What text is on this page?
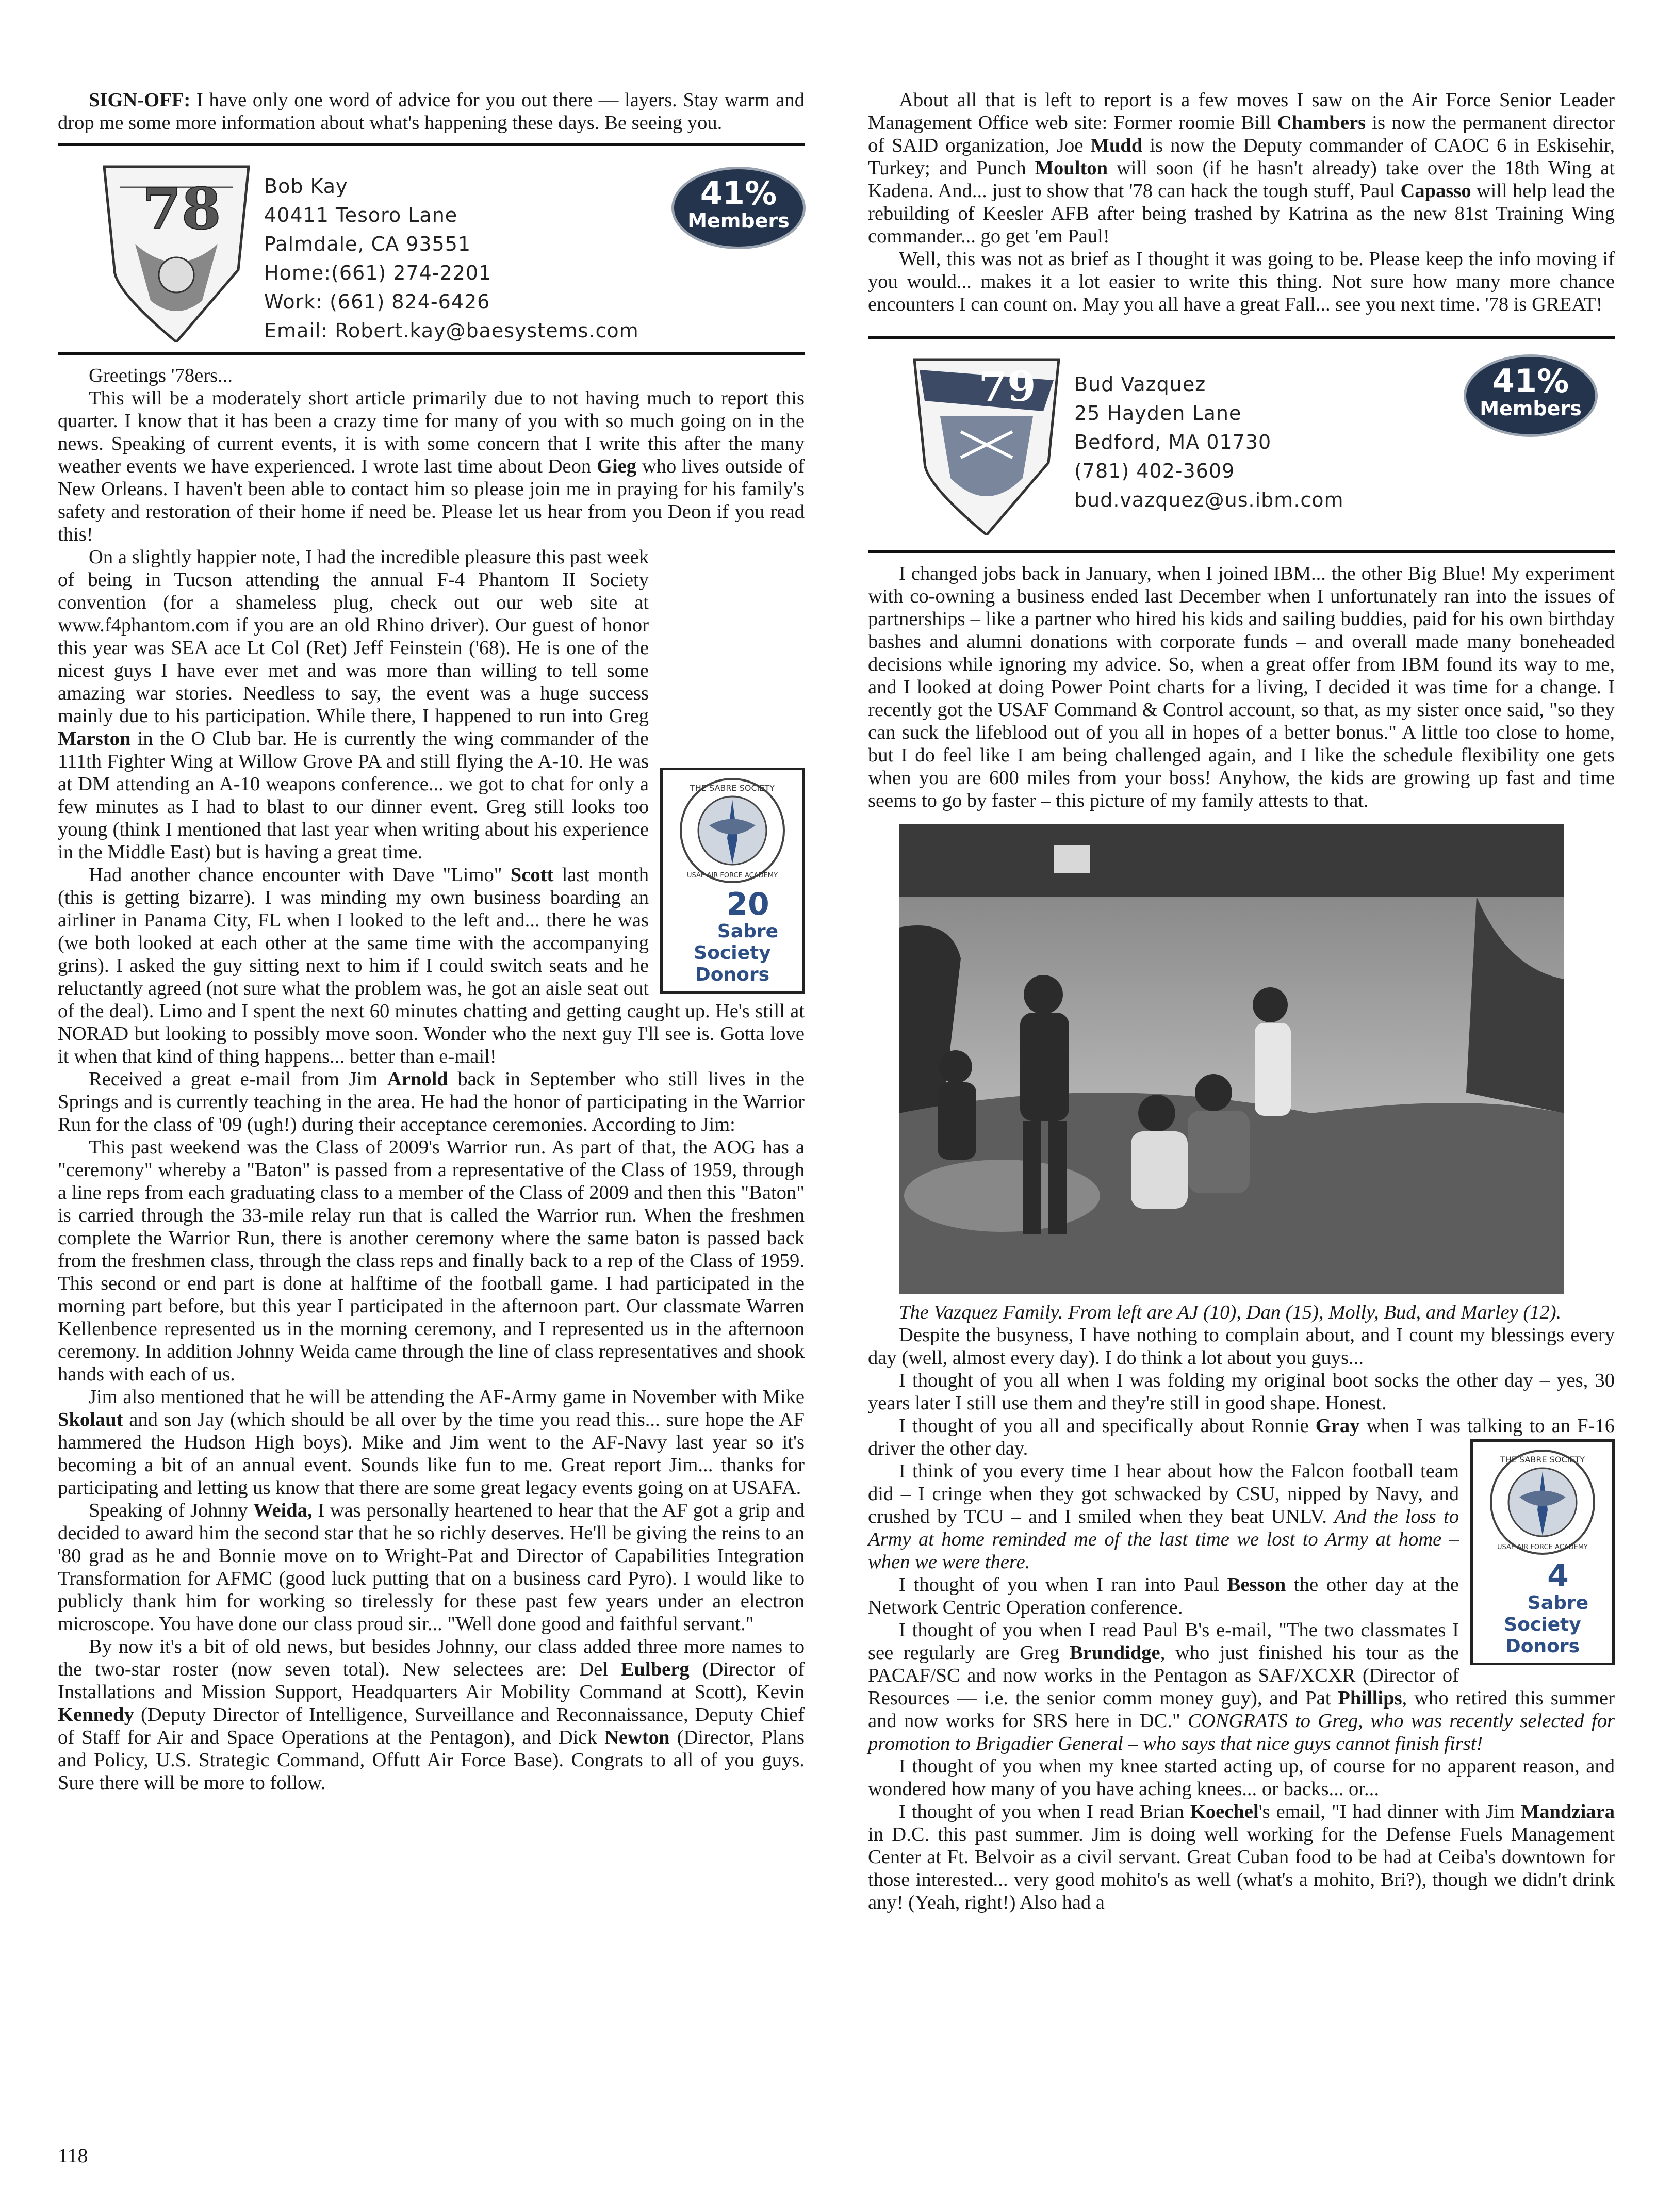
SIGN-OFF: I have only one word of advice for you out there — layers. Stay warm and drop me some more information about what's happening these days. Be seeing you.

78 Bob Kay
40411 Tesoro Lane
Palmdale, CA 93551
Home:(661) 274-2201
Work: (661) 824-6426
Email: Robert.kay@baesystems.com
41%
Members

Greetings '78ers...

This will be a moderately short article primarily due to not having much to report this quarter. I know that it has been a crazy time for many of you with so much going on in the news. Speaking of current events, it is with some concern that I write this after the many weather events we have experienced. I wrote last time about Deon Gieg who lives outside of New Orleans. I haven't been able to contact him so please join me in praying for his family's safety and restoration of their home if need be. Please let us hear from you Deon if you read this!

THE SABRE SOCIETY
USAF AIR FORCE ACADEMY
20
Sabre Society
Donors
On a slightly happier note, I had the incredible pleasure this past week of being in Tucson attending the annual F-4 Phantom II Society convention (for a shameless plug, check out our web site at www.f4phantom.com if you are an old Rhino driver). Our guest of honor this year was SEA ace Lt Col (Ret) Jeff Feinstein ('68). He is one of the nicest guys I have ever met and was more than willing to tell some amazing war stories. Needless to say, the event was a huge success mainly due to his participation. While there, I happened to run into Greg Marston in the O Club bar. He is currently the wing commander of the 111th Fighter Wing at Willow Grove PA and still flying the A-10. He was at DM attending an A-10 weapons conference... we got to chat for only a few minutes as I had to blast to our dinner event. Greg still looks too young (think I mentioned that last year when writing about his experience in the Middle East) but is having a great time.

Had another chance encounter with Dave "Limo" Scott last month (this is getting bizarre). I was minding my own business boarding an airliner in Panama City, FL when I looked to the left and... there he was (we both looked at each other at the same time with the accompanying grins). I asked the guy sitting next to him if I could switch seats and he reluctantly agreed (not sure what the problem was, he got an aisle seat out of the deal). Limo and I spent the next 60 minutes chatting and getting caught up. He's still at NORAD but looking to possibly move soon. Wonder who the next guy I'll see is. Gotta love it when that kind of thing happens... better than e-mail!

Received a great e-mail from Jim Arnold back in September who still lives in the Springs and is currently teaching in the area. He had the honor of participating in the Warrior Run for the class of '09 (ugh!) during their acceptance ceremonies. According to Jim:

This past weekend was the Class of 2009's Warrior run. As part of that, the AOG has a "ceremony" whereby a "Baton" is passed from a representative of the Class of 1959, through a line reps from each graduating class to a member of the Class of 2009 and then this "Baton" is carried through the 33-mile relay run that is called the Warrior run. When the freshmen complete the Warrior Run, there is another ceremony where the same baton is passed back from the freshmen class, through the class reps and finally back to a rep of the Class of 1959. This second or end part is done at halftime of the football game. I had participated in the morning part before, but this year I participated in the afternoon part. Our classmate Warren Kellenbence represented us in the morning ceremony, and I represented us in the afternoon ceremony. In addition Johnny Weida came through the line of class representatives and shook hands with each of us.

Jim also mentioned that he will be attending the AF-Army game in November with Mike Skolaut and son Jay (which should be all over by the time you read this... sure hope the AF hammered the Hudson High boys). Mike and Jim went to the AF-Navy last year so it's becoming a bit of an annual event. Sounds like fun to me. Great report Jim... thanks for participating and letting us know that there are some great legacy events going on at USAFA.

Speaking of Johnny Weida, I was personally heartened to hear that the AF got a grip and decided to award him the second star that he so richly deserves. He'll be giving the reins to an '80 grad as he and Bonnie move on to Wright-Pat and Director of Capabilities Integration Transformation for AFMC (good luck putting that on a business card Pyro). I would like to publicly thank him for working so tirelessly for these past few years under an electron microscope. You have done our class proud sir... "Well done good and faithful servant."

By now it's a bit of old news, but besides Johnny, our class added three more names to the two-star roster (now seven total). New selectees are: Del Eulberg (Director of Installations and Mission Support, Headquarters Air Mobility Command at Scott), Kevin Kennedy (Deputy Director of Intelligence, Surveillance and Reconnaissance, Deputy Chief of Staff for Air and Space Operations at the Pentagon), and Dick Newton (Director, Plans and Policy, U.S. Strategic Command, Offutt Air Force Base). Congrats to all of you guys. Sure there will be more to follow.

About all that is left to report is a few moves I saw on the Air Force Senior Leader Management Office web site: Former roomie Bill Chambers is now the permanent director of SAID organization, Joe Mudd is now the Deputy commander of CAOC 6 in Eskisehir, Turkey; and Punch Moulton will soon (if he hasn't already) take over the 18th Wing at Kadena. And... just to show that '78 can hack the tough stuff, Paul Capasso will help lead the rebuilding of Keesler AFB after being trashed by Katrina as the new 81st Training Wing commander... go get 'em Paul!

Well, this was not as brief as I thought it was going to be. Please keep the info moving if you would... makes it a lot easier to write this thing. Not sure how many more chance encounters I can count on. May you all have a great Fall... see you next time. '78 is GREAT!

79 Bud Vazquez
25 Hayden Lane
Bedford, MA 01730
(781) 402-3609
bud.vazquez@us.ibm.com
41%
Members

I changed jobs back in January, when I joined IBM... the other Big Blue! My experiment with co-owning a business ended last December when I unfortunately ran into the issues of partnerships – like a partner who hired his kids and sailing buddies, paid for his own birthday bashes and alumni donations with corporate funds – and overall made many boneheaded decisions while ignoring my advice. So, when a great offer from IBM found its way to me, and I looked at doing Power Point charts for a living, I decided it was time for a change. I recently got the USAF Command & Control account, so that, as my sister once said, "so they can suck the lifeblood out of you all in hopes of a better bonus." A little too close to home, but I do feel like I am being challenged again, and I like the schedule flexibility one gets when you are 600 miles from your boss! Anyhow, the kids are growing up fast and time seems to go by faster – this picture of my family attests to that.

The Vazquez Family. From left are AJ (10), Dan (15), Molly, Bud, and Marley (12).

Despite the busyness, I have nothing to complain about, and I count my blessings every day (well, almost every day). I do think a lot about you guys...

I thought of you all when I was folding my original boot socks the other day – yes, 30 years later I still use them and they're still in good shape. Honest.

I thought of you all and specifically about Ronnie Gray when I was talking to an F-16 driver the other day.

THE SABRE SOCIETY
USAF AIR FORCE ACADEMY
4
Sabre Society
Donors
I think of you every time I hear about how the Falcon football team did – I cringe when they got schwacked by CSU, nipped by Navy, and crushed by TCU – and I smiled when they beat UNLV. And the loss to Army at home reminded me of the last time we lost to Army at home – when we were there.

I thought of you when I ran into Paul Besson the other day at the Network Centric Operation conference.

I thought of you when I read Paul B's e-mail, "The two classmates I see regularly are Greg Brundidge, who just finished his tour as the PACAF/SC and now works in the Pentagon as SAF/XCXR (Director of Resources — i.e. the senior comm money guy), and Pat Phillips, who retired this summer and now works for SRS here in DC." CONGRATS to Greg, who was recently selected for promotion to Brigadier General – who says that nice guys cannot finish first!

I thought of you when my knee started acting up, of course for no apparent reason, and wondered how many of you have aching knees... or backs... or...

I thought of you when I read Brian Koechel's email, "I had dinner with Jim Mandziara in D.C. this past summer. Jim is doing well working for the Defense Fuels Management Center at Ft. Belvoir as a civil servant. Great Cuban food to be had at Ceiba's downtown for those interested... very good mohito's as well (what's a mohito, Bri?), though we didn't drink any! (Yeah, right!) Also had a

118
